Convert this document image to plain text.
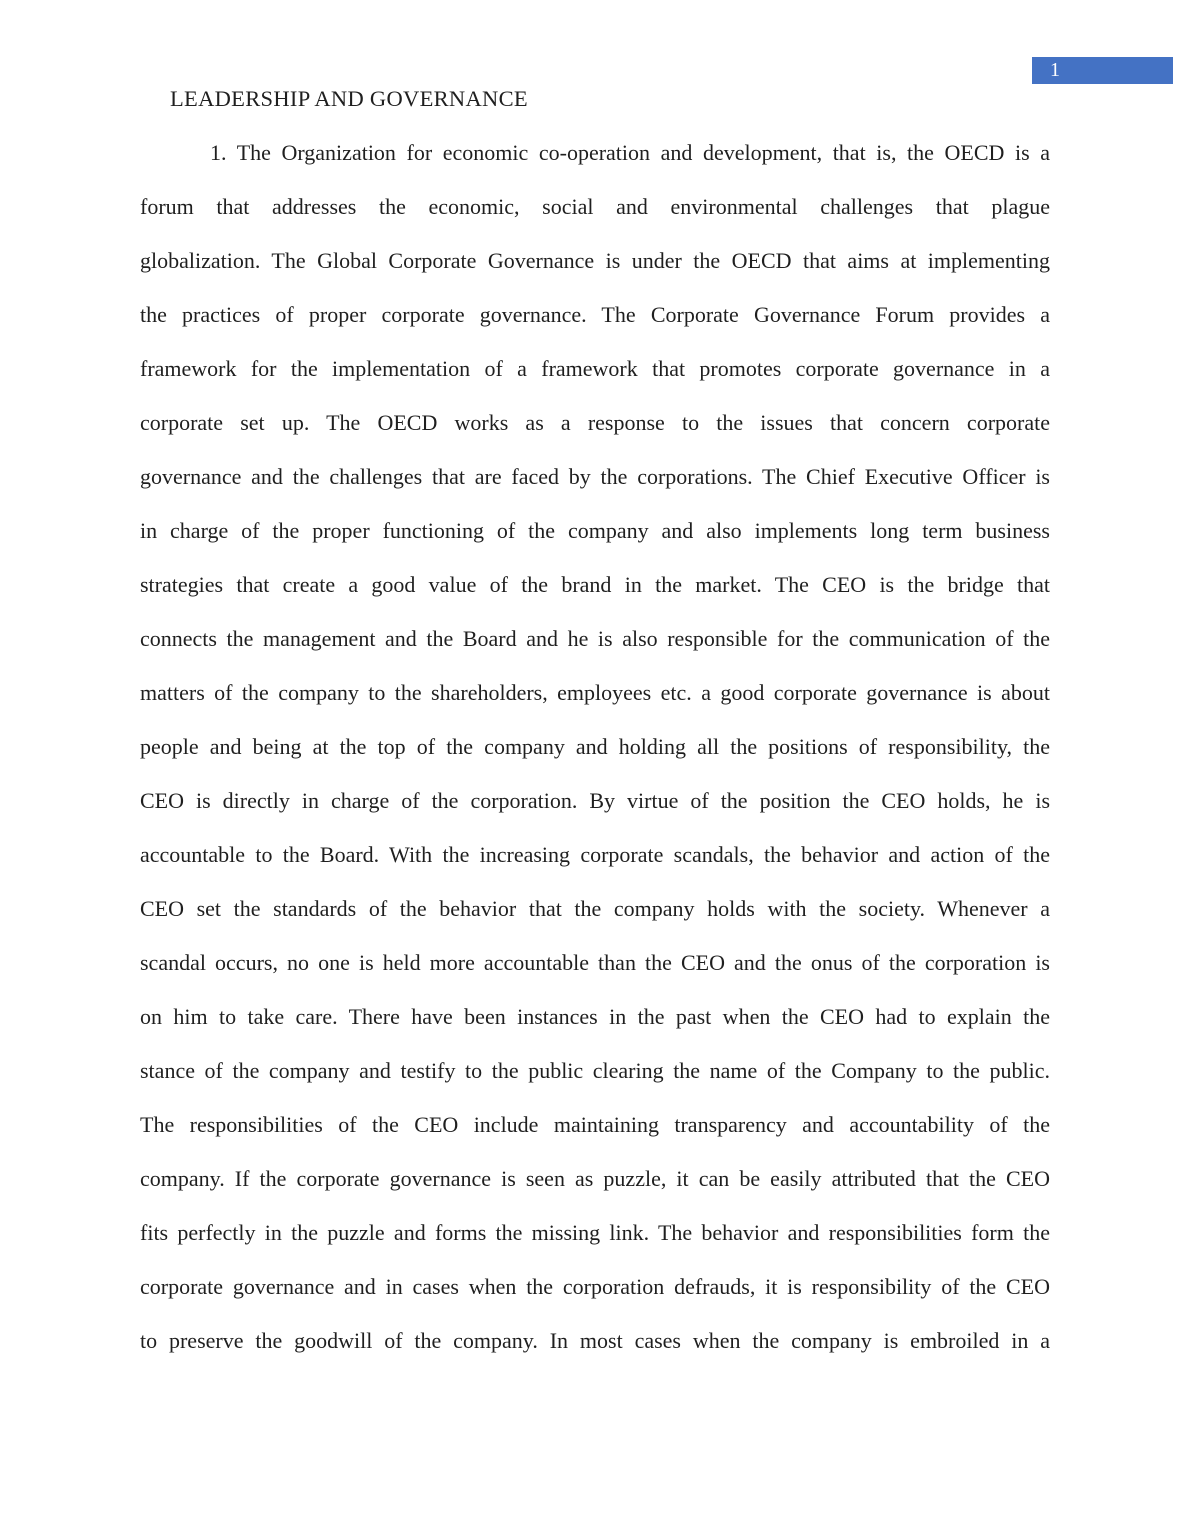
1
LEADERSHIP AND GOVERNANCE
1. The Organization for economic co-operation and development, that is, the OECD is a
forum that addresses the economic, social and environmental challenges that plague
globalization. The Global Corporate Governance is under the OECD that aims at implementing
the practices of proper corporate governance. The Corporate Governance Forum provides a
framework for the implementation of a framework that promotes corporate governance in a
corporate set up. The OECD works as a response to the issues that concern corporate
governance and the challenges that are faced by the corporations. The Chief Executive Officer is
in charge of the proper functioning of the company and also implements long term business
strategies that create a good value of the brand in the market. The CEO is the bridge that
connects the management and the Board and he is also responsible for the communication of the
matters of the company to the shareholders, employees etc. a good corporate governance is about
people and being at the top of the company and holding all the positions of responsibility, the
CEO is directly in charge of the corporation. By virtue of the position the CEO holds, he is
accountable to the Board. With the increasing corporate scandals, the behavior and action of the
CEO set the standards of the behavior that the company holds with the society. Whenever a
scandal occurs, no one is held more accountable than the CEO and the onus of the corporation is
on him to take care. There have been instances in the past when the CEO had to explain the
stance of the company and testify to the public clearing the name of the Company to the public.
The responsibilities of the CEO include maintaining transparency and accountability of the
company. If the corporate governance is seen as puzzle, it can be easily attributed that the CEO
fits perfectly in the puzzle and forms the missing link. The behavior and responsibilities form the
corporate governance and in cases when the corporation defrauds, it is responsibility of the CEO
to preserve the goodwill of the company. In most cases when the company is embroiled in a
